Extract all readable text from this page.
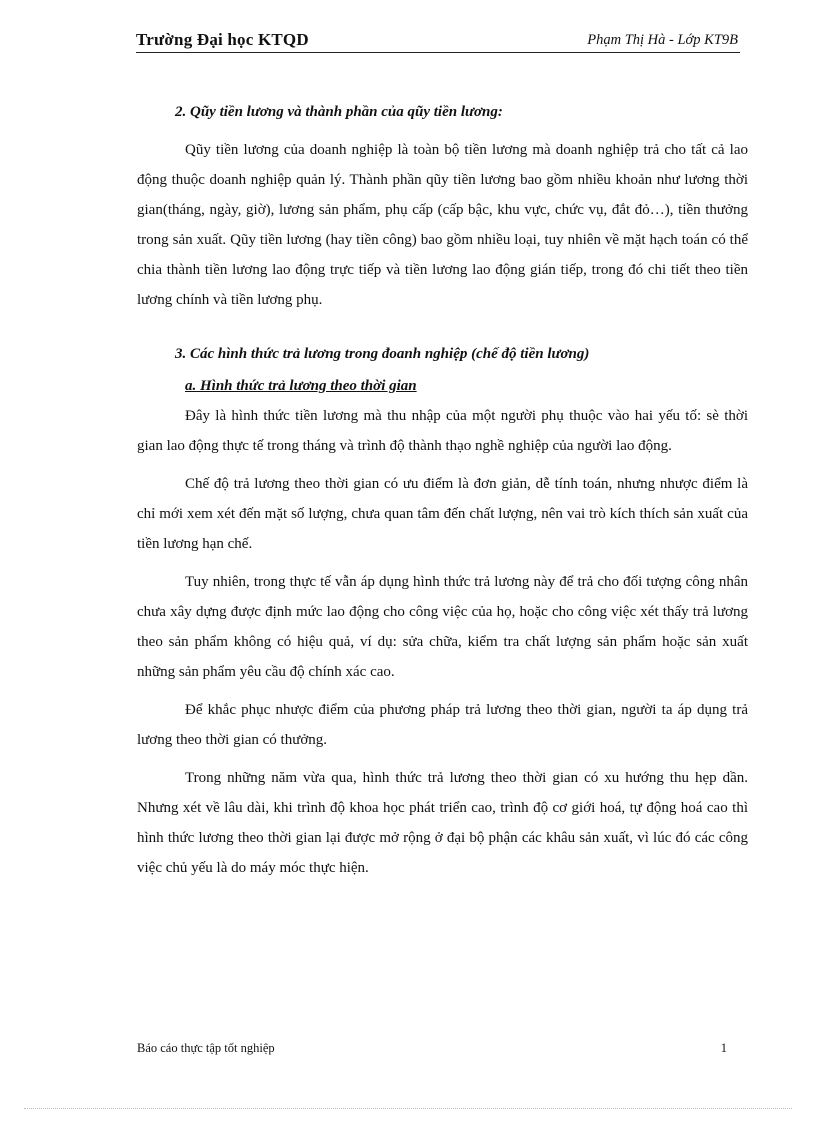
Trường Đại học KTQD	Phạm Thị Hà - Lớp KT9B
2. Qũy tiền lương và thành phần của qũy tiền lương:

Qũy tiền lương của doanh nghiệp là toàn bộ tiền lương mà doanh nghiệp trả cho tất cả lao động thuộc doanh nghiệp quản lý. Thành phần qũy tiền lương bao gồm nhiều khoản như lương thời gian(tháng, ngày, giờ), lương sản phẩm, phụ cấp (cấp bậc, khu vực, chức vụ, đắt đỏ…), tiền thưởng trong sản xuất. Qũy tiền lương (hay tiền công) bao gồm nhiều loại, tuy nhiên về mặt hạch toán có thể chia thành tiền lương lao động trực tiếp và tiền lương lao động gián tiếp, trong đó chi tiết theo tiền lương chính và tiền lương phụ.

3. Các hình thức trả lương trong đoanh nghiệp (chế độ tiền lương)
a. Hình thức trả lương theo thời gian

Đây là hình thức tiền lương mà thu nhập của một người phụ thuộc vào hai yếu tố: sè thời gian lao động thực tế trong tháng và trình độ thành thạo nghề nghiệp của người lao động.

Chế độ trả lương theo thời gian có ưu điểm là đơn giản, dễ tính toán, nhưng nhược điểm là chỉ mới xem xét đến mặt số lượng, chưa quan tâm đến chất lượng, nên vai trò kích thích sản xuất của tiền lương hạn chế.

Tuy nhiên, trong thực tế vẫn áp dụng hình thức trả lương này để trả cho đối tượng công nhân chưa xây dựng được định mức lao động cho công việc của họ, hoặc cho công việc xét thấy trả lương theo sản phẩm không có hiệu quả, ví dụ: sửa chữa, kiểm tra chất lượng sản phẩm hoặc sản xuất những sản phẩm yêu cầu độ chính xác cao.

Để khắc phục nhược điểm của phương pháp trả lương theo thời gian, người ta áp dụng trả lương theo thời gian có thưởng.

Trong những năm vừa qua, hình thức trả lương theo thời gian có xu hướng thu hẹp dần. Nhưng xét về lâu dài, khi trình độ khoa học phát triển cao, trình độ cơ giới hoá, tự động hoá cao thì hình thức lương theo thời gian lại được mở rộng ở đại bộ phận các khâu sản xuất, vì lúc đó các công việc chủ yếu là do máy móc thực hiện.

Báo cáo thực tập tốt nghiệp	1
